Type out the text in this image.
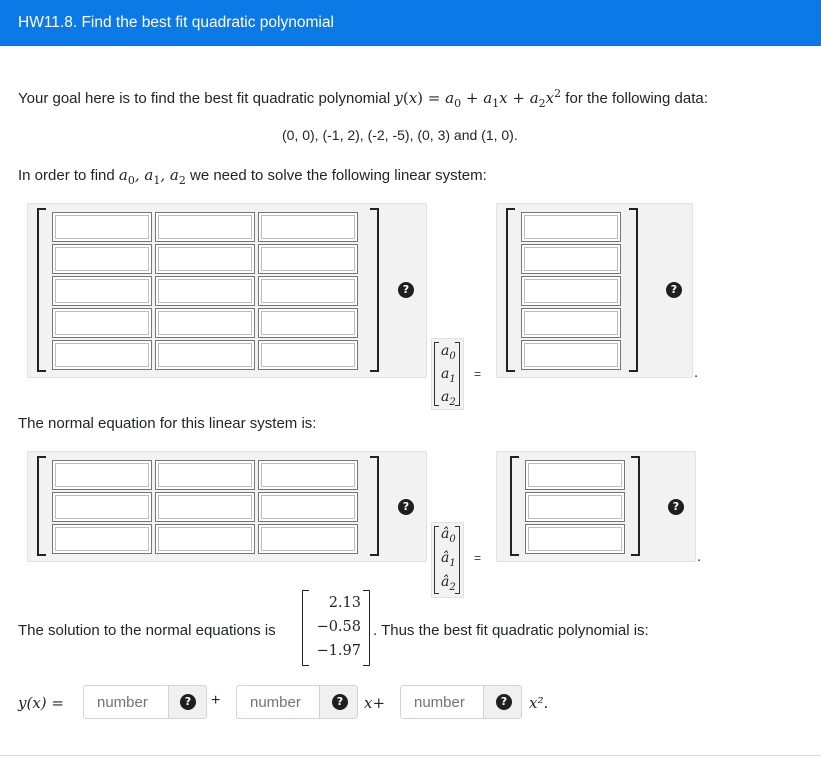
HW11.8. Find the best fit quadratic polynomial
Your goal here is to find the best fit quadratic polynomial $y(x) = a_0 + a_1x + a_2x^2$ for the following data:
(0, 0), (-1, 2), (-2, -5), (0, 3) and (1, 0).
In order to find $a_0$, $a_1$, $a_2$ we need to solve the following linear system:
?
$a_0$
$a_1$
$a_2$
=
?
.
The normal equation for this linear system is:
?
$â_0$
$â_1$
$â_2$
=
?
.
The solution to the normal equations is
2.13
−0.58
−1.97
. Thus the best fit quadratic polynomial is:
y(x) =	number	?	+	number	?	x+	number	?	x².
